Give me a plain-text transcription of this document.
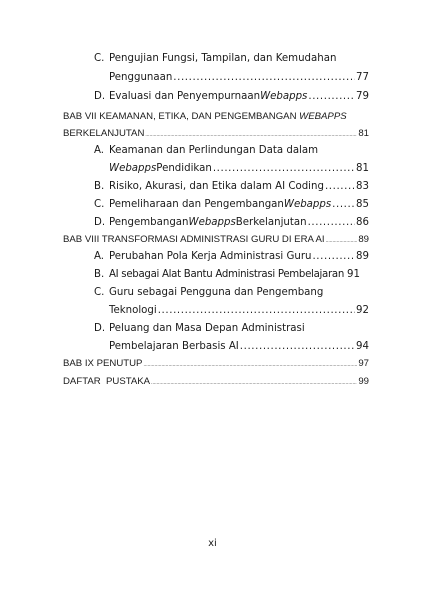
C. Pengujian Fungsi, Tampilan, dan Kemudahan
Penggunaan .....	77
D. Evaluasi dan Penyempurnaan Webapps .....	79
BAB VII KEAMANAN, ETIKA, DAN PENGEMBANGAN WEBAPPS
BERKELANJUTAN .....	81
A. Keamanan dan Perlindungan Data dalam
Webapps Pendidikan .....	81
B. Risiko, Akurasi, dan Etika dalam AI Coding .....	83
C. Pemeliharaan dan Pengembangan Webapps ..... 85
D. Pengembangan Webapps Berkelanjutan .....	86
BAB VIII TRANSFORMASI ADMINISTRASI GURU DI ERA AI .....	89
A. Perubahan Pola Kerja Administrasi Guru .....	89
B. AI sebagai Alat Bantu Administrasi Pembelajaran 91
C. Guru sebagai Pengguna dan Pengembang
Teknologi .....	92
D. Peluang dan Masa Depan Administrasi
Pembelajaran Berbasis AI .....	94
BAB IX PENUTUP .....	97
DAFTAR  PUSTAKA .....	99
xi
